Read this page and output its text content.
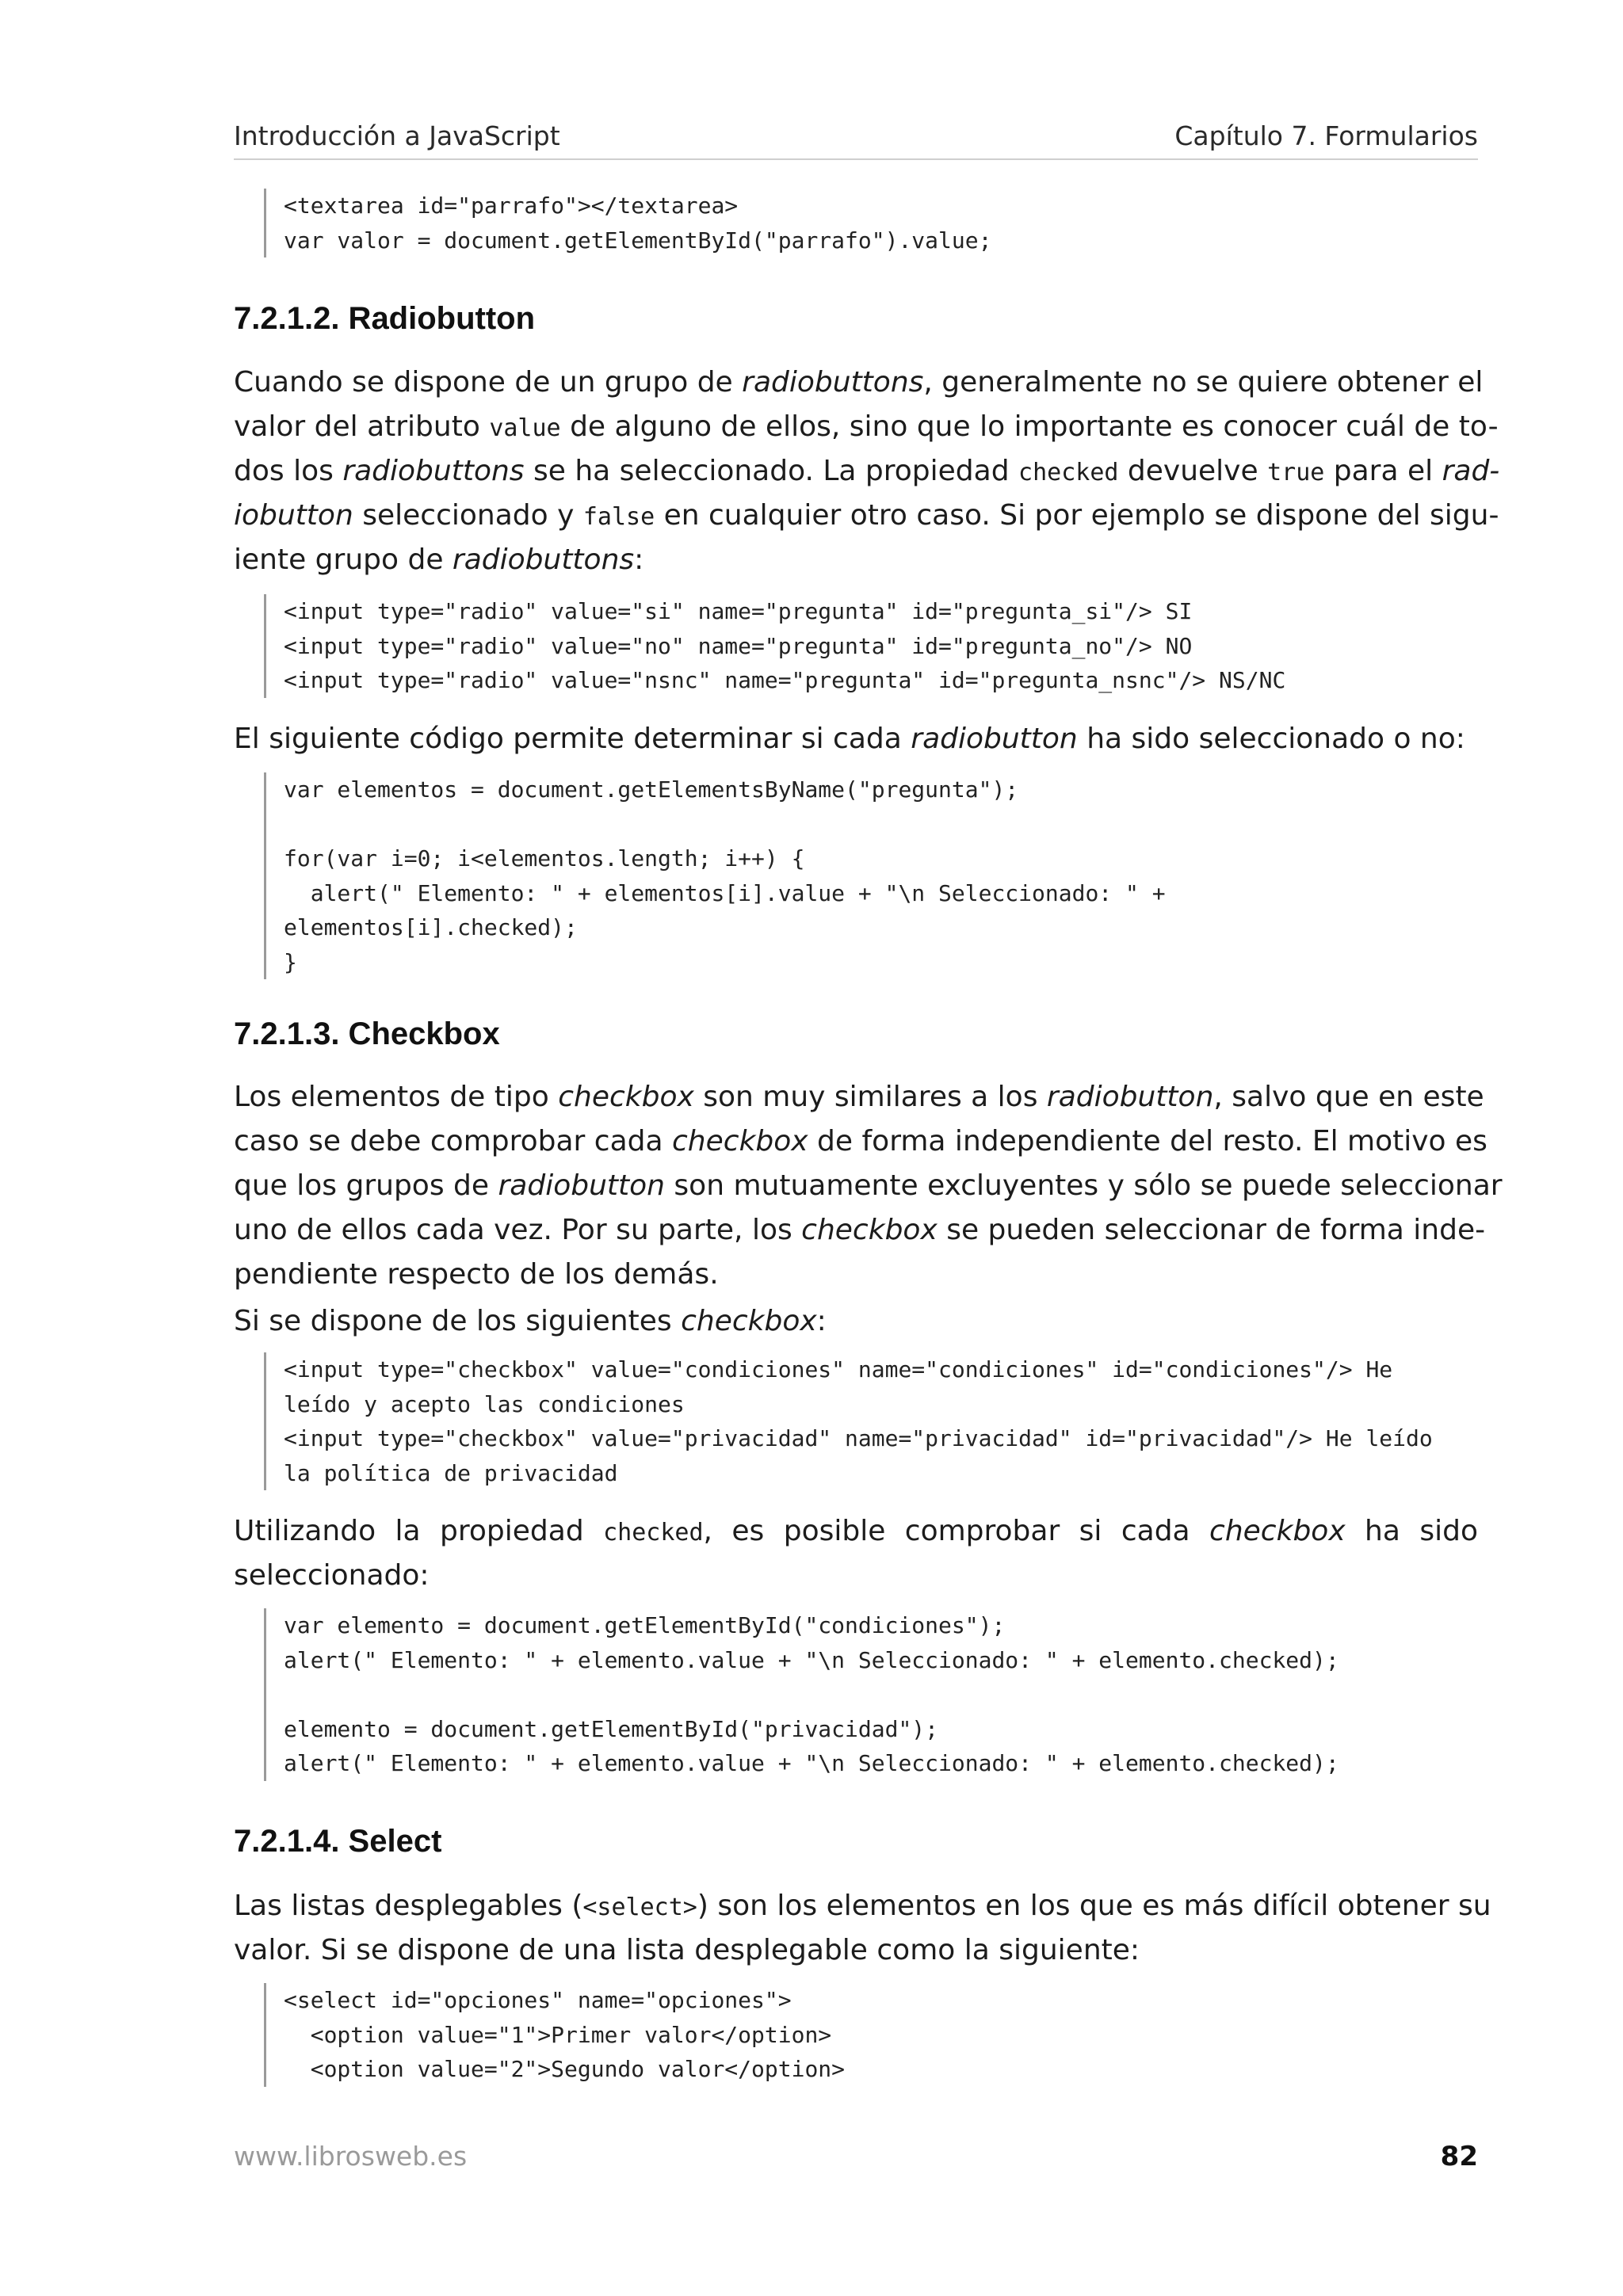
Introducción a JavaScript	Capítulo 7. Formularios
<textarea id="parrafo"></textarea>
var valor = document.getElementById("parrafo").value;
7.2.1.2. Radiobutton
Cuando se dispone de un grupo de radiobuttons, generalmente no se quiere obtener el
valor del atributo value de alguno de ellos, sino que lo importante es conocer cuál de to-
dos los radiobuttons se ha seleccionado. La propiedad checked devuelve true para el rad-
iobutton seleccionado y false en cualquier otro caso. Si por ejemplo se dispone del sigu-
iente grupo de radiobuttons:
<input type="radio" value="si" name="pregunta" id="pregunta_si"/> SI
<input type="radio" value="no" name="pregunta" id="pregunta_no"/> NO
<input type="radio" value="nsnc" name="pregunta" id="pregunta_nsnc"/> NS/NC
El siguiente código permite determinar si cada radiobutton ha sido seleccionado o no:
var elementos = document.getElementsByName("pregunta");

for(var i=0; i<elementos.length; i++) {
alert(" Elemento: " + elementos[i].value + "\n Seleccionado: " +
elementos[i].checked);
}
7.2.1.3. Checkbox
Los elementos de tipo checkbox son muy similares a los radiobutton, salvo que en este
caso se debe comprobar cada checkbox de forma independiente del resto. El motivo es
que los grupos de radiobutton son mutuamente excluyentes y sólo se puede seleccionar
uno de ellos cada vez. Por su parte, los checkbox se pueden seleccionar de forma inde-
pendiente respecto de los demás.
Si se dispone de los siguientes checkbox:
<input type="checkbox" value="condiciones" name="condiciones" id="condiciones"/> He
leído y acepto las condiciones
<input type="checkbox" value="privacidad" name="privacidad" id="privacidad"/> He leído
la política de privacidad
Utilizando la propiedad checked, es posible comprobar si cada checkbox ha sido
seleccionado:
var elemento = document.getElementById("condiciones");
alert(" Elemento: " + elemento.value + "\n Seleccionado: " + elemento.checked);

elemento = document.getElementById("privacidad");
alert(" Elemento: " + elemento.value + "\n Seleccionado: " + elemento.checked);
7.2.1.4. Select
Las listas desplegables (<select>) son los elementos en los que es más difícil obtener su
valor. Si se dispone de una lista desplegable como la siguiente:
<select id="opciones" name="opciones">
<option value="1">Primer valor</option>
<option value="2">Segundo valor</option>
www.librosweb.es	82
